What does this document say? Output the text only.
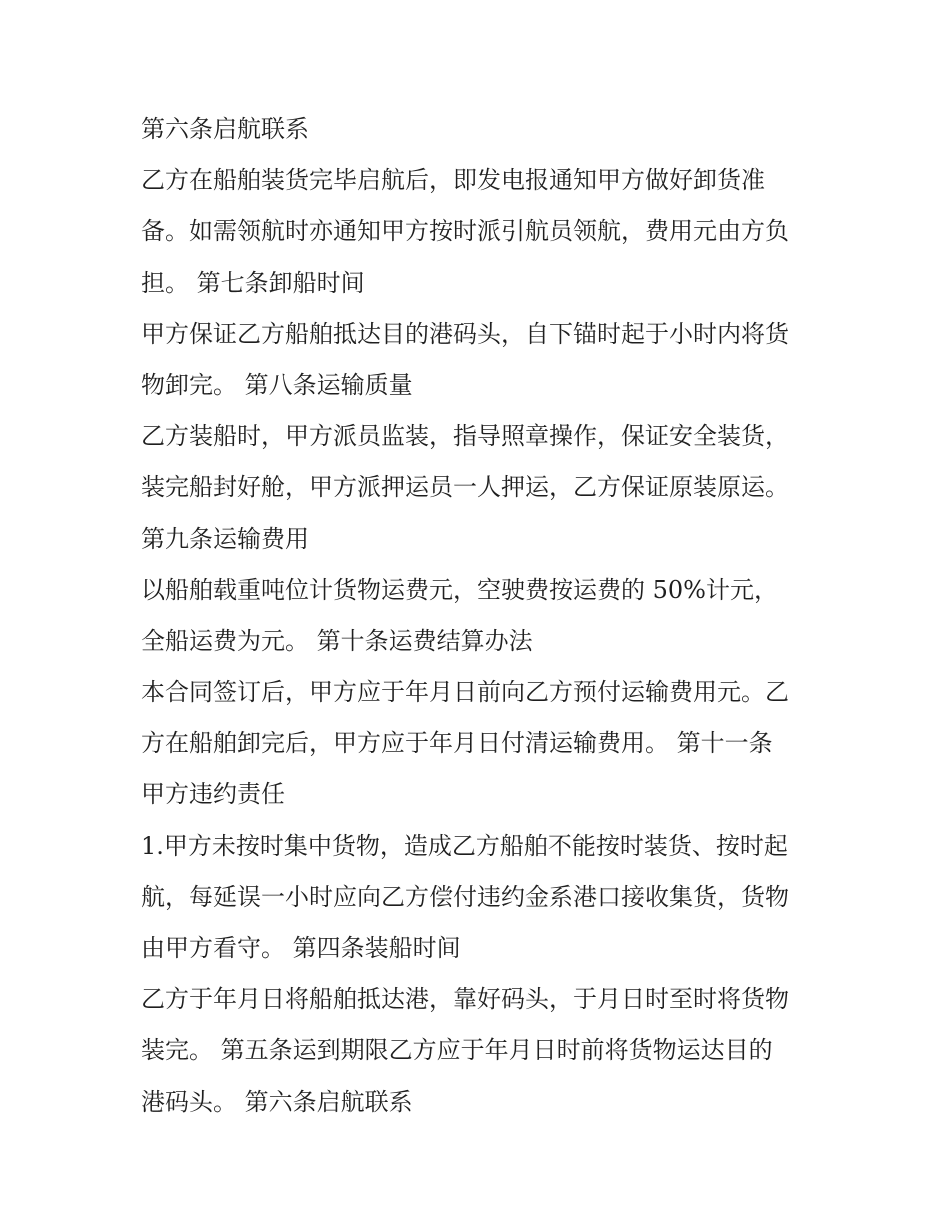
第六条启航联系
乙方在船舶装货完毕启航后，即发电报通知甲方做好卸货准
备。如需领航时亦通知甲方按时派引航员领航，费用元由方负
担。 第七条卸船时间
甲方保证乙方船舶抵达目的港码头，自下锚时起于小时内将货
物卸完。 第八条运输质量
乙方装船时，甲方派员监装，指导照章操作，保证安全装货，
装完船封好舱，甲方派押运员一人押运，乙方保证原装原运。
第九条运输费用
以船舶载重吨位计货物运费元，空驶费按运费的 50%计元，
全船运费为元。 第十条运费结算办法
本合同签订后，甲方应于年月日前向乙方预付运输费用元。乙
方在船舶卸完后，甲方应于年月日付清运输费用。 第十一条
甲方违约责任
1.甲方未按时集中货物，造成乙方船舶不能按时装货、按时起
航，每延误一小时应向乙方偿付违约金系港口接收集货，货物
由甲方看守。 第四条装船时间
乙方于年月日将船舶抵达港，靠好码头，于月日时至时将货物
装完。 第五条运到期限乙方应于年月日时前将货物运达目的
港码头。 第六条启航联系
